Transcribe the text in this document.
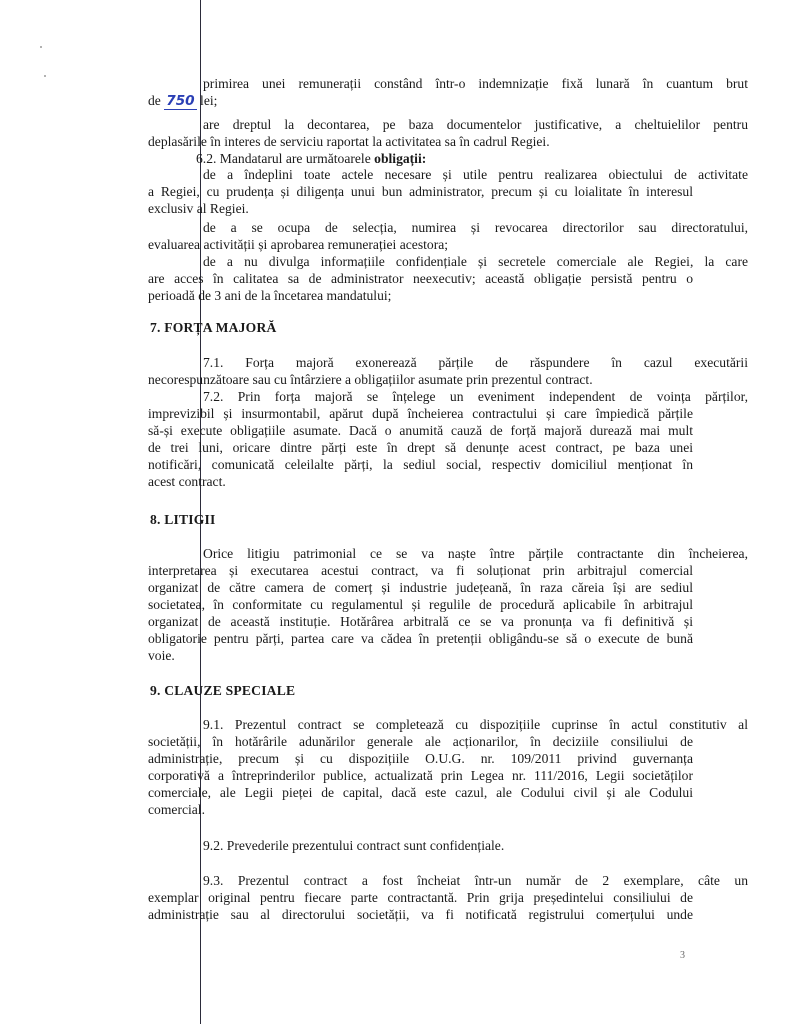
primirea unei remunerații constând într-o indemnizație fixă lunară în cuantum brut
de 750 lei;
are dreptul la decontarea, pe baza documentelor justificative, a cheltuielilor pentru
deplasările în interes de serviciu raportat la activitatea sa în cadrul Regiei.
6.2. Mandatarul are următoarele obligații:
de a îndeplini toate actele necesare și utile pentru realizarea obiectului de activitate
a Regiei, cu prudența și diligența unui bun administrator, precum și cu loialitate în interesul
exclusiv al Regiei.
de a se ocupa de selecția, numirea și revocarea directorilor sau directoratului,
evaluarea activității și aprobarea remunerației acestora;
de a nu divulga informațiile confidențiale și secretele comerciale ale Regiei, la care
are acces în calitatea sa de administrator neexecutiv; această obligație persistă pentru o
perioadă de 3 ani de la încetarea mandatului;
7. FORȚA MAJORĂ
7.1. Forța majoră exonerează părțile de răspundere în cazul executării
necorespunzătoare sau cu întârziere a obligațiilor asumate prin prezentul contract.
7.2. Prin forța majoră se înțelege un eveniment independent de voința părților,
imprevizibil și insurmontabil, apărut după încheierea contractului și care împiedică părțile
să-și execute obligațiile asumate. Dacă o anumită cauză de forță majoră durează mai mult
de trei luni, oricare dintre părți este în drept să denunțe acest contract, pe baza unei
notificări, comunicată celeilalte părți, la sediul social, respectiv domiciliul menționat în
acest contract.
8. LITIGII
Orice litigiu patrimonial ce se va naște între părțile contractante din încheierea,
interpretarea și executarea acestui contract, va fi soluționat prin arbitrajul comercial
organizat de către camera de comerț și industrie județeană, în raza căreia își are sediul
societatea, în conformitate cu regulamentul și regulile de procedură aplicabile în arbitrajul
organizat de această instituție. Hotărârea arbitrală ce se va pronunța va fi definitivă și
obligatorie pentru părți, partea care va cădea în pretenții obligându-se să o execute de bună
voie.
9. CLAUZE SPECIALE
9.1. Prezentul contract se completează cu dispozițiile cuprinse în actul constitutiv al
societății, în hotărârile adunărilor generale ale acționarilor, în deciziile consiliului de
administrație, precum și cu dispozițiile O.U.G. nr. 109/2011 privind guvernanța
corporativă a întreprinderilor publice, actualizată prin Legea nr. 111/2016, Legii societăților
comerciale, ale Legii pieței de capital, dacă este cazul, ale Codului civil și ale Codului
comercial.
9.2. Prevederile prezentului contract sunt confidențiale.
9.3. Prezentul contract a fost încheiat într-un număr de 2 exemplare, câte un
exemplar original pentru fiecare parte contractantă. Prin grija președintelui consiliului de
administrație sau al directorului societății, va fi notificată registrului comerțului unde
3
